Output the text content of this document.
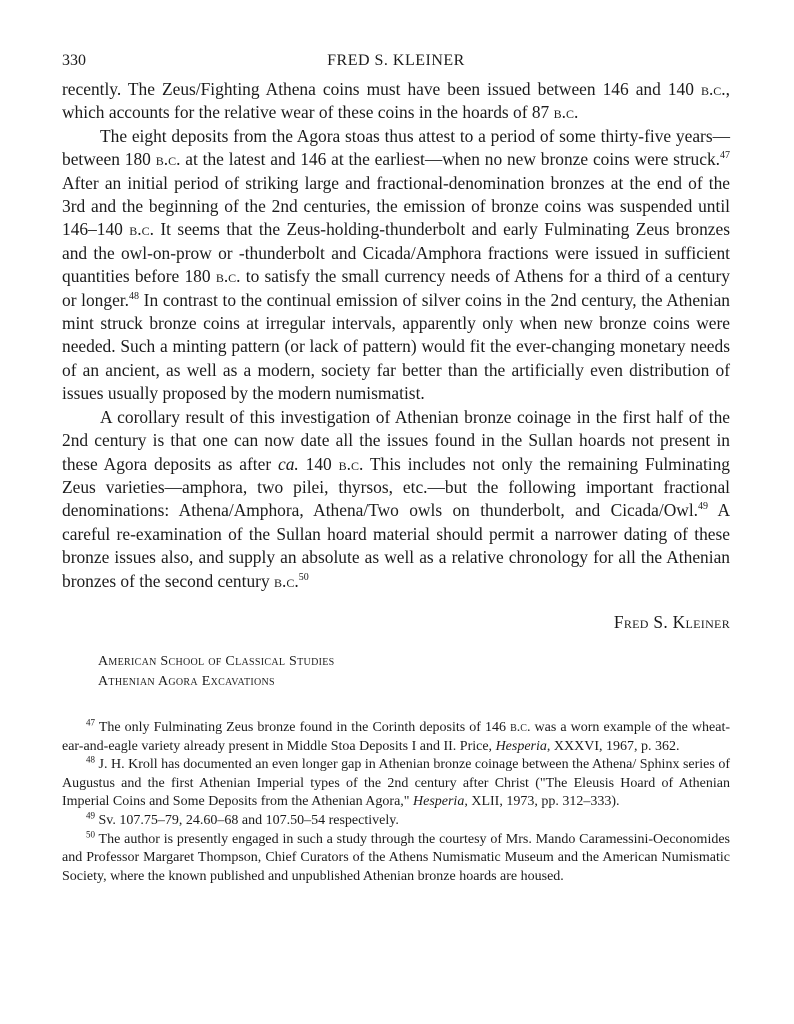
330	FRED S. KLEINER

recently. The Zeus/Fighting Athena coins must have been issued between 146 and 140 b.c., which accounts for the relative wear of these coins in the hoards of 87 b.c.

The eight deposits from the Agora stoas thus attest to a period of some thirty-five years—between 180 b.c. at the latest and 146 at the earliest—when no new bronze coins were struck.$^{47}$ After an initial period of striking large and fractional-denomination bronzes at the end of the 3rd and the beginning of the 2nd centuries, the emission of bronze coins was suspended until 146–140 b.c. It seems that the Zeus-holding-thunderbolt and early Fulminating Zeus bronzes and the owl-on-prow or -thunderbolt and Cicada/Amphora fractions were issued in sufficient quantities before 180 b.c. to satisfy the small currency needs of Athens for a third of a century or longer.$^{48}$ In contrast to the continual emission of silver coins in the 2nd century, the Athenian mint struck bronze coins at irregular intervals, apparently only when new bronze coins were needed. Such a minting pattern (or lack of pattern) would fit the ever-changing monetary needs of an ancient, as well as a modern, society far better than the artificially even distribution of issues usually proposed by the modern numismatist.

A corollary result of this investigation of Athenian bronze coinage in the first half of the 2nd century is that one can now date all the issues found in the Sullan hoards not present in these Agora deposits as after ca. 140 b.c. This includes not only the remaining Fulminating Zeus varieties—amphora, two pilei, thyrsos, etc.—but the following important fractional denominations: Athena/Amphora, Athena/Two owls on thunderbolt, and Cicada/Owl.$^{49}$ A careful re-examination of the Sullan hoard material should permit a narrower dating of these bronze issues also, and supply an absolute as well as a relative chronology for all the Athenian bronzes of the second century b.c.$^{50}$

Fred S. Kleiner
American School of Classical Studies
Athenian Agora Excavations

$^{47}$ The only Fulminating Zeus bronze found in the Corinth deposits of 146 b.c. was a worn example of the wheat-ear-and-eagle variety already present in Middle Stoa Deposits I and II. Price, Hesperia, XXXVI, 1967, p. 362.

$^{48}$ J. H. Kroll has documented an even longer gap in Athenian bronze coinage between the Athena/ Sphinx series of Augustus and the first Athenian Imperial types of the 2nd century after Christ ("The Eleusis Hoard of Athenian Imperial Coins and Some Deposits from the Athenian Agora," Hesperia, XLII, 1973, pp. 312–333).

$^{49}$ Sv. 107.75–79, 24.60–68 and 107.50–54 respectively.

$^{50}$ The author is presently engaged in such a study through the courtesy of Mrs. Mando Caramessini-Oeconomides and Professor Margaret Thompson, Chief Curators of the Athens Numismatic Museum and the American Numismatic Society, where the known published and unpublished Athenian bronze hoards are housed.
